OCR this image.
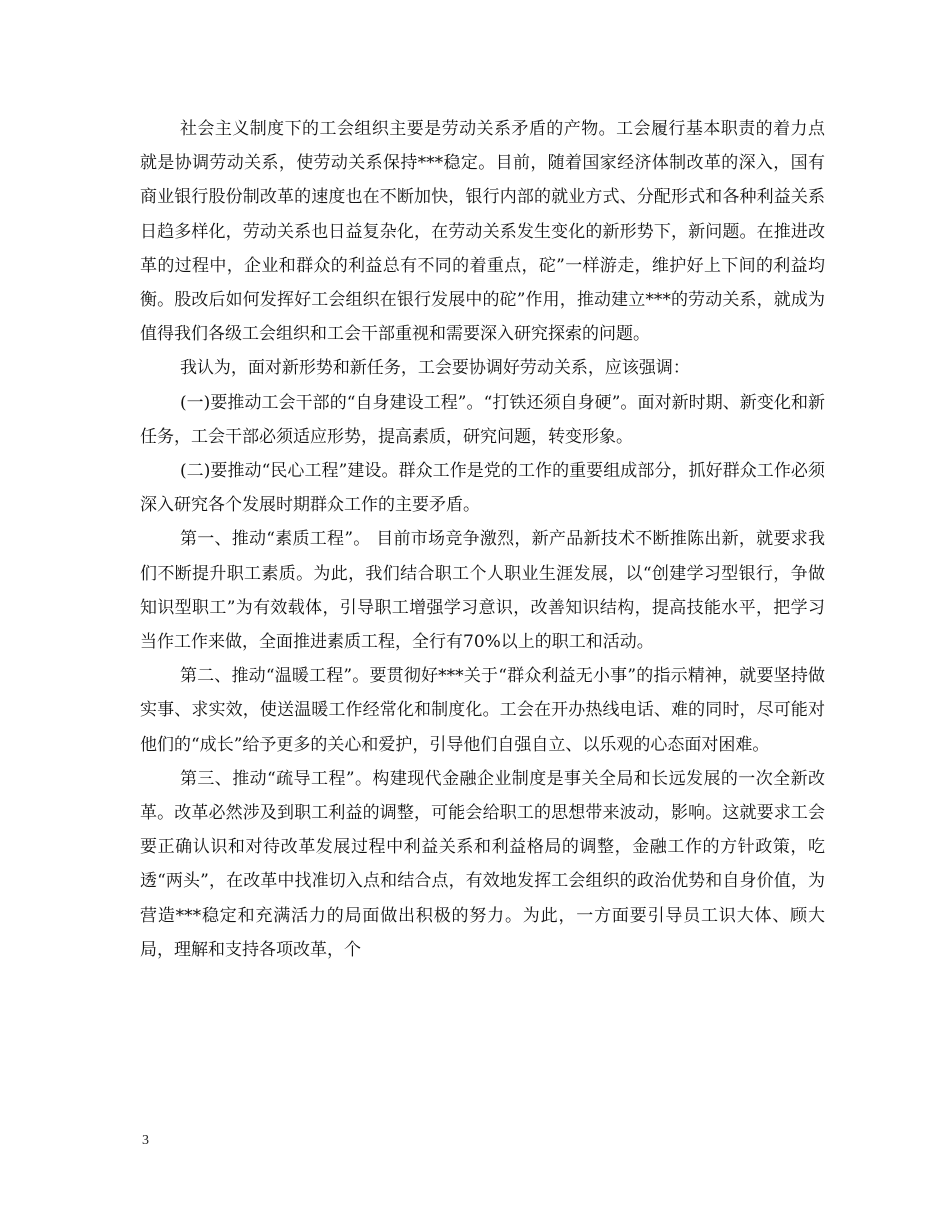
社会主义制度下的工会组织主要是劳动关系矛盾的产物。工会履行基本职责的着力点就是协调劳动关系，使劳动关系保持***稳定。目前，随着国家经济体制改革的深入，国有商业银行股份制改革的速度也在不断加快，银行内部的就业方式、分配形式和各种利益关系日趋多样化，劳动关系也日益复杂化，在劳动关系发生变化的新形势下，新问题。在推进改革的过程中，企业和群众的利益总有不同的着重点，砣”一样游走，维护好上下间的利益均衡。股改后如何发挥好工会组织在银行发展中的砣”作用，推动建立***的劳动关系，就成为值得我们各级工会组织和工会干部重视和需要深入研究探索的问题。

我认为，面对新形势和新任务，工会要协调好劳动关系，应该强调：

(一)要推动工会干部的“自身建设工程”。“打铁还须自身硬”。面对新时期、新变化和新任务，工会干部必须适应形势，提高素质，研究问题，转变形象。

(二)要推动“民心工程”建设。群众工作是党的工作的重要组成部分，抓好群众工作必须深入研究各个发展时期群众工作的主要矛盾。

第一、推动“素质工程”。 目前市场竞争激烈，新产品新技术不断推陈出新，就要求我们不断提升职工素质。为此，我们结合职工个人职业生涯发展，以“创建学习型银行，争做知识型职工”为有效载体，引导职工增强学习意识，改善知识结构，提高技能水平，把学习当作工作来做，全面推进素质工程，全行有70%以上的职工和活动。

第二、推动“温暖工程”。要贯彻好***关于“群众利益无小事”的指示精神，就要坚持做实事、求实效，使送温暖工作经常化和制度化。工会在开办热线电话、难的同时，尽可能对他们的“成长”给予更多的关心和爱护，引导他们自强自立、以乐观的心态面对困难。

第三、推动“疏导工程”。构建现代金融企业制度是事关全局和长远发展的一次全新改革。改革必然涉及到职工利益的调整，可能会给职工的思想带来波动，影响。这就要求工会要正确认识和对待改革发展过程中利益关系和利益格局的调整，金融工作的方针政策，吃透“两头”，在改革中找准切入点和结合点，有效地发挥工会组织的政治优势和自身价值，为营造***稳定和充满活力的局面做出积极的努力。为此，一方面要引导员工识大体、顾大局，理解和支持各项改革，个

3
